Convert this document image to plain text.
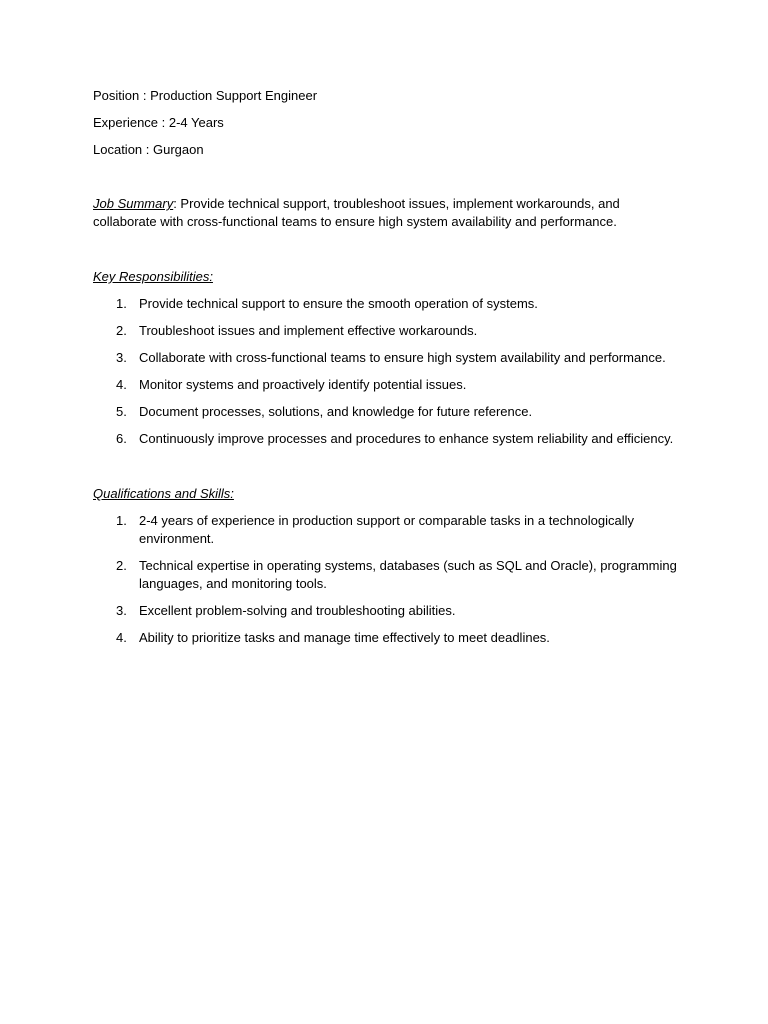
Position : Production Support Engineer
Experience : 2-4 Years
Location : Gurgaon
Job Summary: Provide technical support, troubleshoot issues, implement workarounds, and collaborate with cross-functional teams to ensure high system availability and performance.
Key Responsibilities:
1. Provide technical support to ensure the smooth operation of systems.
2. Troubleshoot issues and implement effective workarounds.
3. Collaborate with cross-functional teams to ensure high system availability and performance.
4. Monitor systems and proactively identify potential issues.
5. Document processes, solutions, and knowledge for future reference.
6. Continuously improve processes and procedures to enhance system reliability and efficiency.
Qualifications and Skills:
1. 2-4 years of experience in production support or comparable tasks in a technologically environment.
2. Technical expertise in operating systems, databases (such as SQL and Oracle), programming languages, and monitoring tools.
3. Excellent problem-solving and troubleshooting abilities.
4. Ability to prioritize tasks and manage time effectively to meet deadlines.
